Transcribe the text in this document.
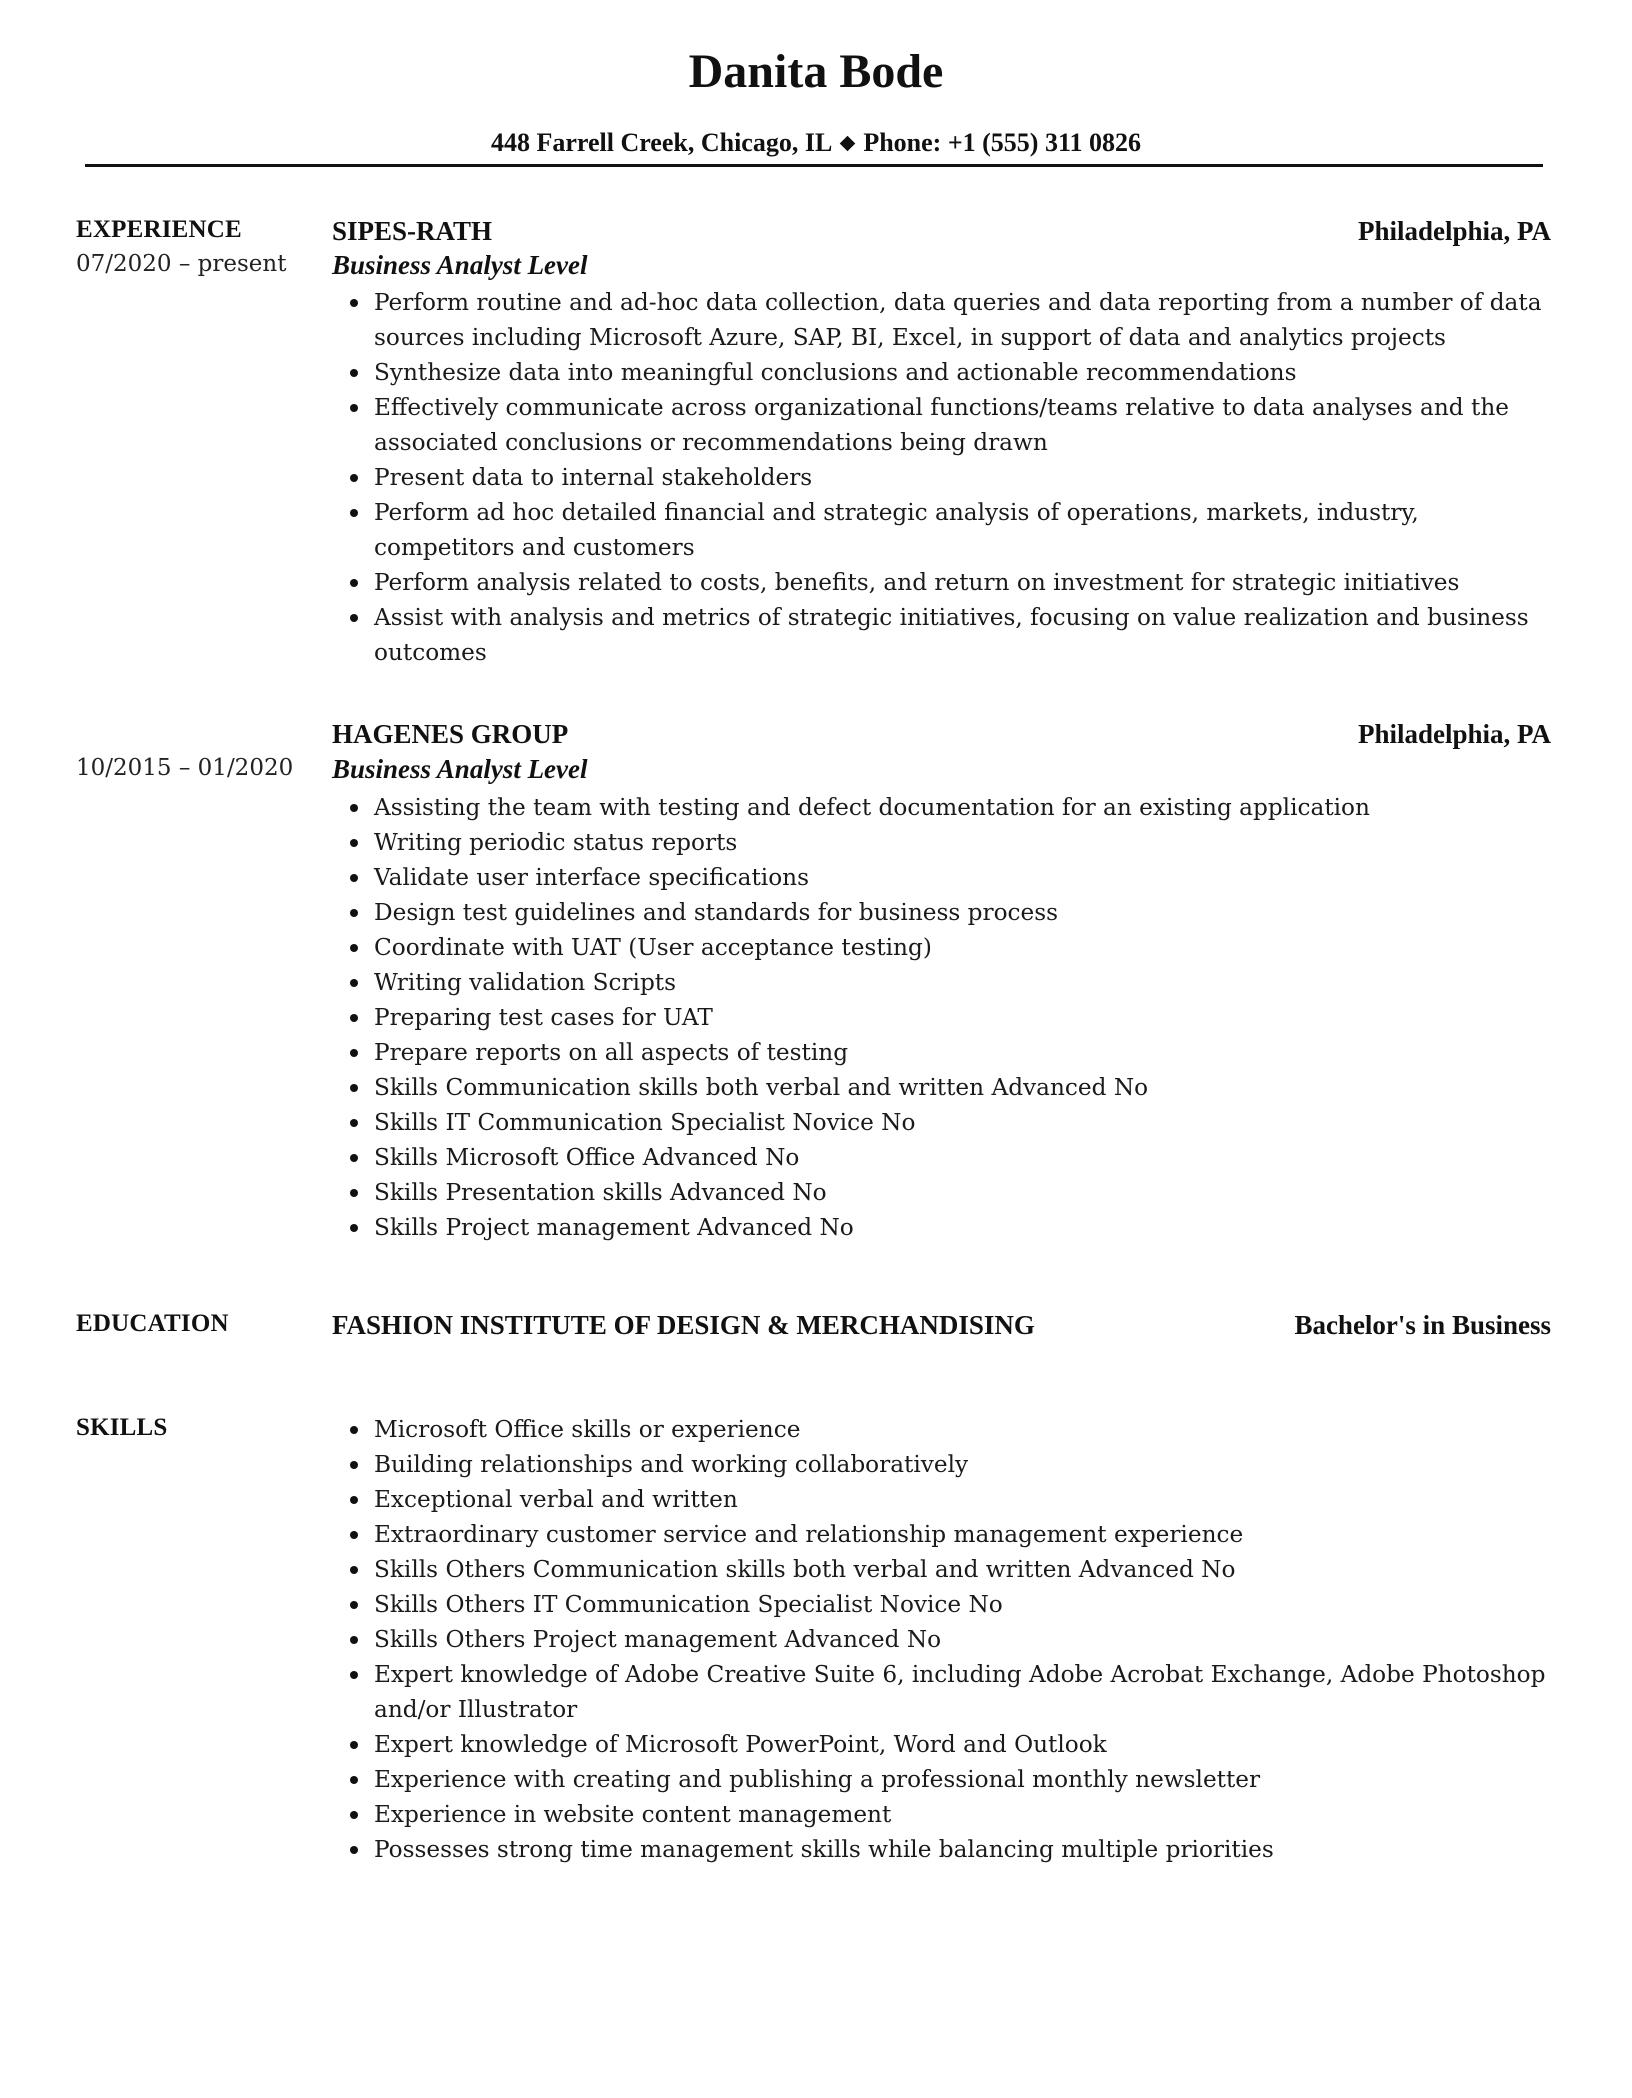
Danita Bode
448 Farrell Creek, Chicago, IL Phone: +1 (555) 311 0826
EXPERIENCE
07/2020 – present
SIPES-RATH	Philadelphia, PA
Business Analyst Level
Perform routine and ad-hoc data collection, data queries and data reporting from a number of data sources including Microsoft Azure, SAP, BI, Excel, in support of data and analytics projects
Synthesize data into meaningful conclusions and actionable recommendations
Effectively communicate across organizational functions/teams relative to data analyses and the associated conclusions or recommendations being drawn
Present data to internal stakeholders
Perform ad hoc detailed financial and strategic analysis of operations, markets, industry, competitors and customers
Perform analysis related to costs, benefits, and return on investment for strategic initiatives
Assist with analysis and metrics of strategic initiatives, focusing on value realization and business outcomes
10/2015 – 01/2020
HAGENES GROUP	Philadelphia, PA
Business Analyst Level
Assisting the team with testing and defect documentation for an existing application
Writing periodic status reports
Validate user interface specifications
Design test guidelines and standards for business process
Coordinate with UAT (User acceptance testing)
Writing validation Scripts
Preparing test cases for UAT
Prepare reports on all aspects of testing
Skills Communication skills both verbal and written Advanced No
Skills IT Communication Specialist Novice No
Skills Microsoft Office Advanced No
Skills Presentation skills Advanced No
Skills Project management Advanced No
EDUCATION	FASHION INSTITUTE OF DESIGN & MERCHANDISING	Bachelor's in Business
SKILLS	Microsoft Office skills or experience
Building relationships and working collaboratively
Exceptional verbal and written
Extraordinary customer service and relationship management experience
Skills Others Communication skills both verbal and written Advanced No
Skills Others IT Communication Specialist Novice No
Skills Others Project management Advanced No
Expert knowledge of Adobe Creative Suite 6, including Adobe Acrobat Exchange, Adobe Photoshop and/or Illustrator
Expert knowledge of Microsoft PowerPoint, Word and Outlook
Experience with creating and publishing a professional monthly newsletter
Experience in website content management
Possesses strong time management skills while balancing multiple priorities
